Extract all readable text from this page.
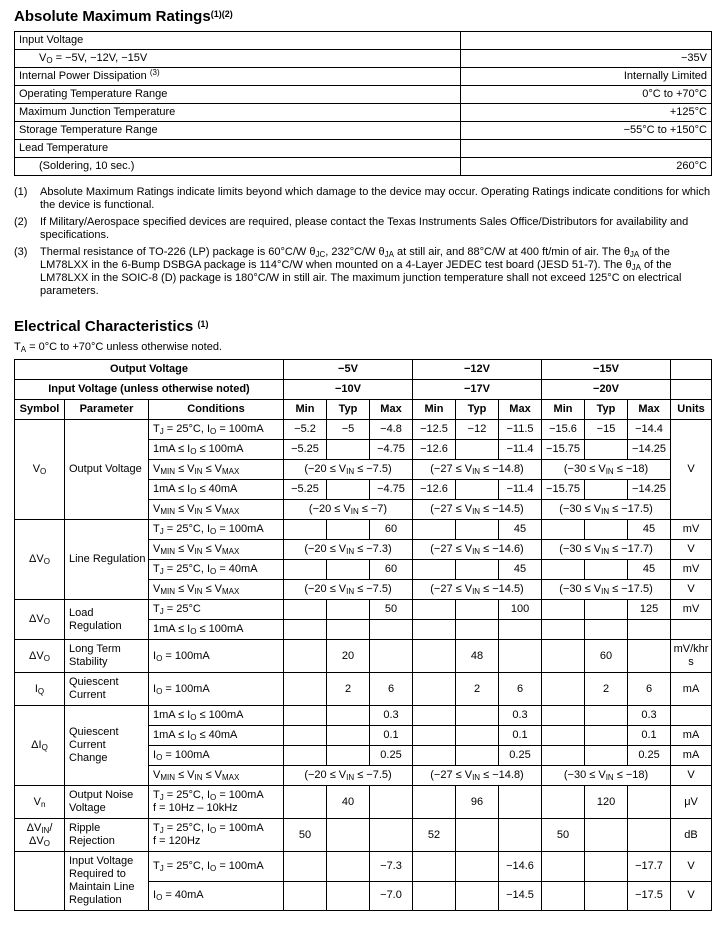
Absolute Maximum Ratings$^{(1)(2)}$
Input Voltage	
$V_O = -5V$, −12V, −15V	−35V
Internal Power Dissipation $^{(3)}$	Internally Limited
Operating Temperature Range	0°C to +70°C
Maximum Junction Temperature	+125°C
Storage Temperature Range	−55°C to +150°C
Lead Temperature	
(Soldering, 10 sec.)	260°C
(1)	Absolute Maximum Ratings indicate limits beyond which damage to the device may occur. Operating Ratings indicate conditions for which the device is functional.
(2)	If Military/Aerospace specified devices are required, please contact the Texas Instruments Sales Office/Distributors for availability and specifications.
(3)	Thermal resistance of TO-226 (LP) package is 60°C/W $\theta_{JC}$, 232°C/W $\theta_{JA}$ at still air, and 88°C/W at 400 ft/min of air. The $\theta_{JA}$ of the LM78LXX in the 6-Bump DSBGA package is 114°C/W when mounted on a 4-Layer JEDEC test board (JESD 51-7). The $\theta_{JA}$ of the LM78LXX in the SOIC-8 (D) package is 180°C/W in still air. The maximum junction temperature shall not exceed 125°C on electrical parameters.
Electrical Characteristics $^{(1)}$
$T_A = 0^\circ C$ to +70°C unless otherwise noted.
Output Voltage			−5V			−12V			−15V			
Input Voltage (unless otherwise noted)			−10V			−17V			−20V			
Symbol	Parameter	Conditions	Min	Typ	Max	Min	Typ	Max	Min	Typ	Max	Units
$V_O$	Output Voltage	$T_J = 25^\circ C$, $I_O = 100mA$	−5.2	−5	−4.8	−12.5	−12	−11.5	−15.6	−15	−14.4	V
		$1mA \le I_O \le 100mA$	−5.25		−4.75	−12.6		−11.4	−15.75		−14.25	
		$V_{MIN} \le V_{IN} \le V_{MAX}$	$(-20 \le V_{IN} \le -7.5)$			$(-27 \le V_{IN} \le -14.8)$			$(-30 \le V_{IN} \le -18)$			
		$1mA \le I_O \le 40mA$	−5.25		−4.75	−12.6		−11.4	−15.75		−14.25	
		$V_{MIN} \le V_{IN} \le V_{MAX}$	$(-20 \le V_{IN} \le -7)$			$(-27 \le V_{IN} \le -14.5)$			$(-30 \le V_{IN} \le -17.5)$			
$\Delta V_O$	Line Regulation	$T_J = 25^\circ C$, $I_O = 100mA$			60			45			45	mV
		$V_{MIN} \le V_{IN} \le V_{MAX}$	$(-20 \le V_{IN} \le -7.3)$			$(-27 \le V_{IN} \le -14.6)$			$(-30 \le V_{IN} \le -17.7)$			V
		$T_J = 25^\circ C$, $I_O = 40mA$			60			45			45	mV
		$V_{MIN} \le V_{IN} \le V_{MAX}$	$(-20 \le V_{IN} \le -7.5)$			$(-27 \le V_{IN} \le -14.5)$			$(-30 \le V_{IN} \le -17.5)$			V
$\Delta V_O$	Load Regulation	$T_J = 25^\circ C$			50			100			125	mV
		$1mA \le I_O \le 100mA$										
$\Delta V_O$	Long Term Stability	$I_O = 100mA$		20			48			60		mV/khrs
$I_Q$	Quiescent Current	$I_O = 100mA$		2	6		2	6		2	6	mA
$\Delta I_Q$	Quiescent Current Change	$1mA \le I_O \le 100mA$			0.3			0.3			0.3	
		$1mA \le I_O \le 40mA$			0.1			0.1			0.1	mA
		$I_O = 100mA$			0.25			0.25			0.25	mA
		$V_{MIN} \le V_{IN} \le V_{MAX}$	$(-20 \le V_{IN} \le -7.5)$			$(-27 \le V_{IN} \le -14.8)$			$(-30 \le V_{IN} \le -18)$			V
$V_n$	Output Noise Voltage	$T_J = 25^\circ C$, $I_O = 100mA$
f = 10Hz – 10kHz		40			96			120		μV
$\Delta V_{IN}/\Delta V_O$	Ripple Rejection	$T_J = 25^\circ C$, $I_O = 100mA$
f = 120Hz	50			52			50			dB
	Input Voltage Required to Maintain Line Regulation	$T_J = 25^\circ C$, $I_O = 100mA$			−7.3			−14.6			−17.7	V
		$I_O = 40mA$			−7.0			−14.5			−17.5	V
